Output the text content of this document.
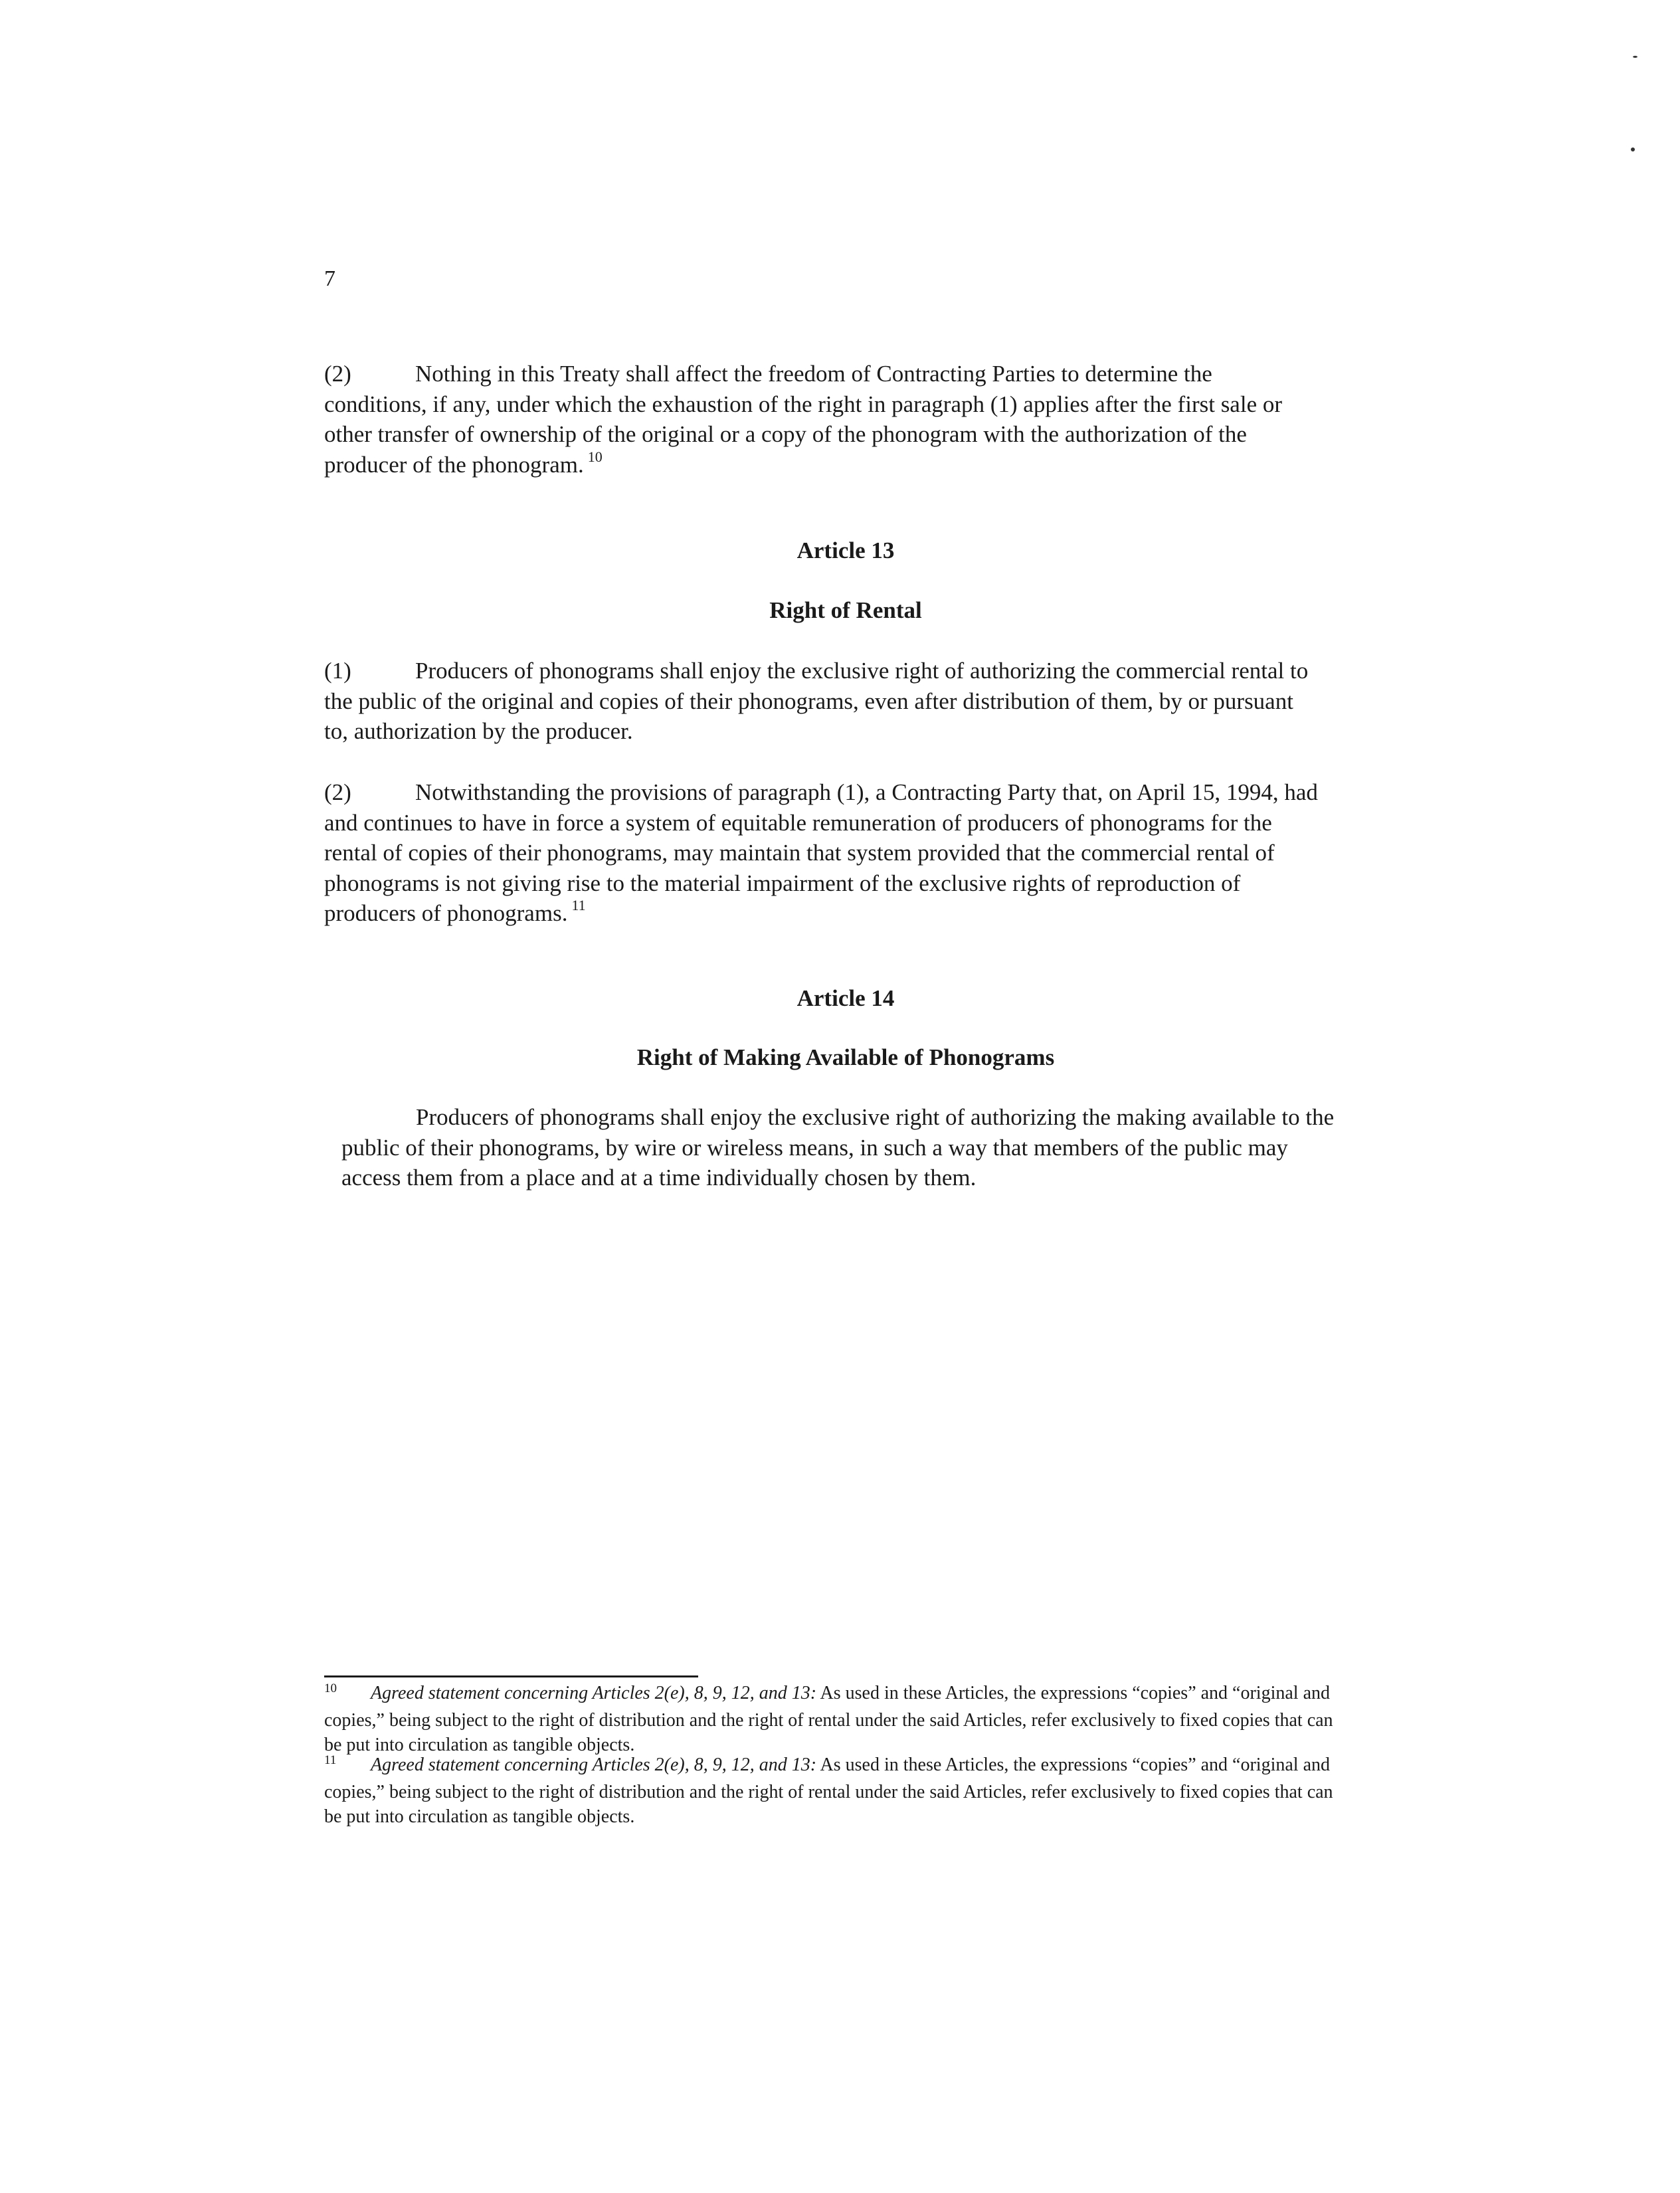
7

(2)	Nothing in this Treaty shall affect the freedom of Contracting Parties to determine the conditions, if any, under which the exhaustion of the right in paragraph (1) applies after the first sale or other transfer of ownership of the original or a copy of the phonogram with the authorization of the producer of the phonogram. $^{10}$

Article 13
Right of Rental

(1)	Producers of phonograms shall enjoy the exclusive right of authorizing the commercial rental to the public of the original and copies of their phonograms, even after distribution of them, by or pursuant to, authorization by the producer.

(2)	Notwithstanding the provisions of paragraph (1), a Contracting Party that, on April 15, 1994, had and continues to have in force a system of equitable remuneration of producers of phonograms for the rental of copies of their phonograms, may maintain that system provided that the commercial rental of phonograms is not giving rise to the material impairment of the exclusive rights of reproduction of producers of phonograms. $^{11}$

Article 14
Right of Making Available of Phonograms

Producers of phonograms shall enjoy the exclusive right of authorizing the making available to the public of their phonograms, by wire or wireless means, in such a way that members of the public may access them from a place and at a time individually chosen by them.

10 Agreed statement concerning Articles 2(e), 8, 9, 12, and 13: As used in these Articles, the expressions “copies” and “original and copies,” being subject to the right of distribution and the right of rental under the said Articles, refer exclusively to fixed copies that can be put into circulation as tangible objects.

11 Agreed statement concerning Articles 2(e), 8, 9, 12, and 13: As used in these Articles, the expressions “copies” and “original and copies,” being subject to the right of distribution and the right of rental under the said Articles, refer exclusively to fixed copies that can be put into circulation as tangible objects.
